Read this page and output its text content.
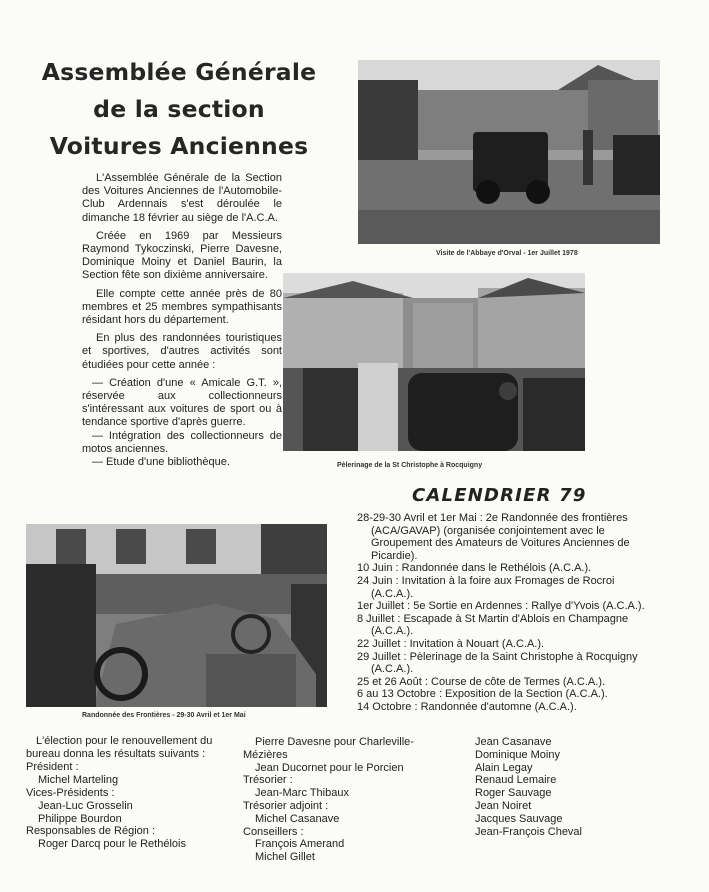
Assemblée Générale
de la section
Voitures Anciennes

L'Assemblée Générale de la Section des Voitures Anciennes de l'Automobile-Club Ardennais s'est déroulée le dimanche 18 février au siège de l'A.C.A.

Créée en 1969 par Messieurs Raymond Tykoczinski, Pierre Davesne, Dominique Moiny et Daniel Baurin, la Section fête son dixième anniversaire.

Elle compte cette année près de 80 membres et 25 membres sympathisants résidant hors du département.

En plus des randonnées touristiques et sportives, d'autres activités sont étudiées pour cette année :

— Création d'une « Amicale G.T. », réservée aux collectionneurs s'intéressant aux voitures de sport ou à tendance sportive d'après guerre.

— Intégration des collectionneurs de motos anciennes.

— Etude d'une bibliothèque.

Visite de l'Abbaye d'Orval - 1er Juillet 1978
Pèlerinage de la St Christophe à Rocquigny
Randonnée des Frontières - 29-30 Avril et 1er Mai
CALENDRIER 79

28-29-30 Avril et 1er Mai : 2e Randonnée des frontières (ACA/GAVAP) (organisée conjointement avec le Groupement des Amateurs de Voitures Anciennes de Picardie).

10 Juin : Randonnée dans le Rethélois (A.C.A.).

24 Juin : Invitation à la foire aux Fromages de Rocroi (A.C.A.).

1er Juillet : 5e Sortie en Ardennes : Rallye d'Yvois (A.C.A.).

8 Juillet : Escapade à St Martin d'Ablois en Champagne (A.C.A.).

22 Juillet : Invitation à Nouart (A.C.A.).

29 Juillet : Pèlerinage de la Saint Christophe à Rocquigny (A.C.A.).

25 et 26 Août : Course de côte de Termes (A.C.A.).

6 au 13 Octobre : Exposition de la Section (A.C.A.).

14 Octobre : Randonnée d'automne (A.C.A.).

L'élection pour le renouvellement du bureau donna les résultats suivants :
Président :
Michel Marteling
Vices-Présidents :
Jean-Luc Grosselin
Philippe Bourdon
Responsables de Région :
Roger Darcq pour le Rethélois
Pierre Davesne pour Charleville-
Mézières
Jean Ducornet pour le Porcien
Trésorier :
Jean-Marc Thibaux
Trésorier adjoint :
Michel Casanave
Conseillers :
François Amerand
Michel Gillet
Jean Casanave
Dominique Moiny
Alain Legay
Renaud Lemaire
Roger Sauvage
Jean Noiret
Jacques Sauvage
Jean-François Cheval
